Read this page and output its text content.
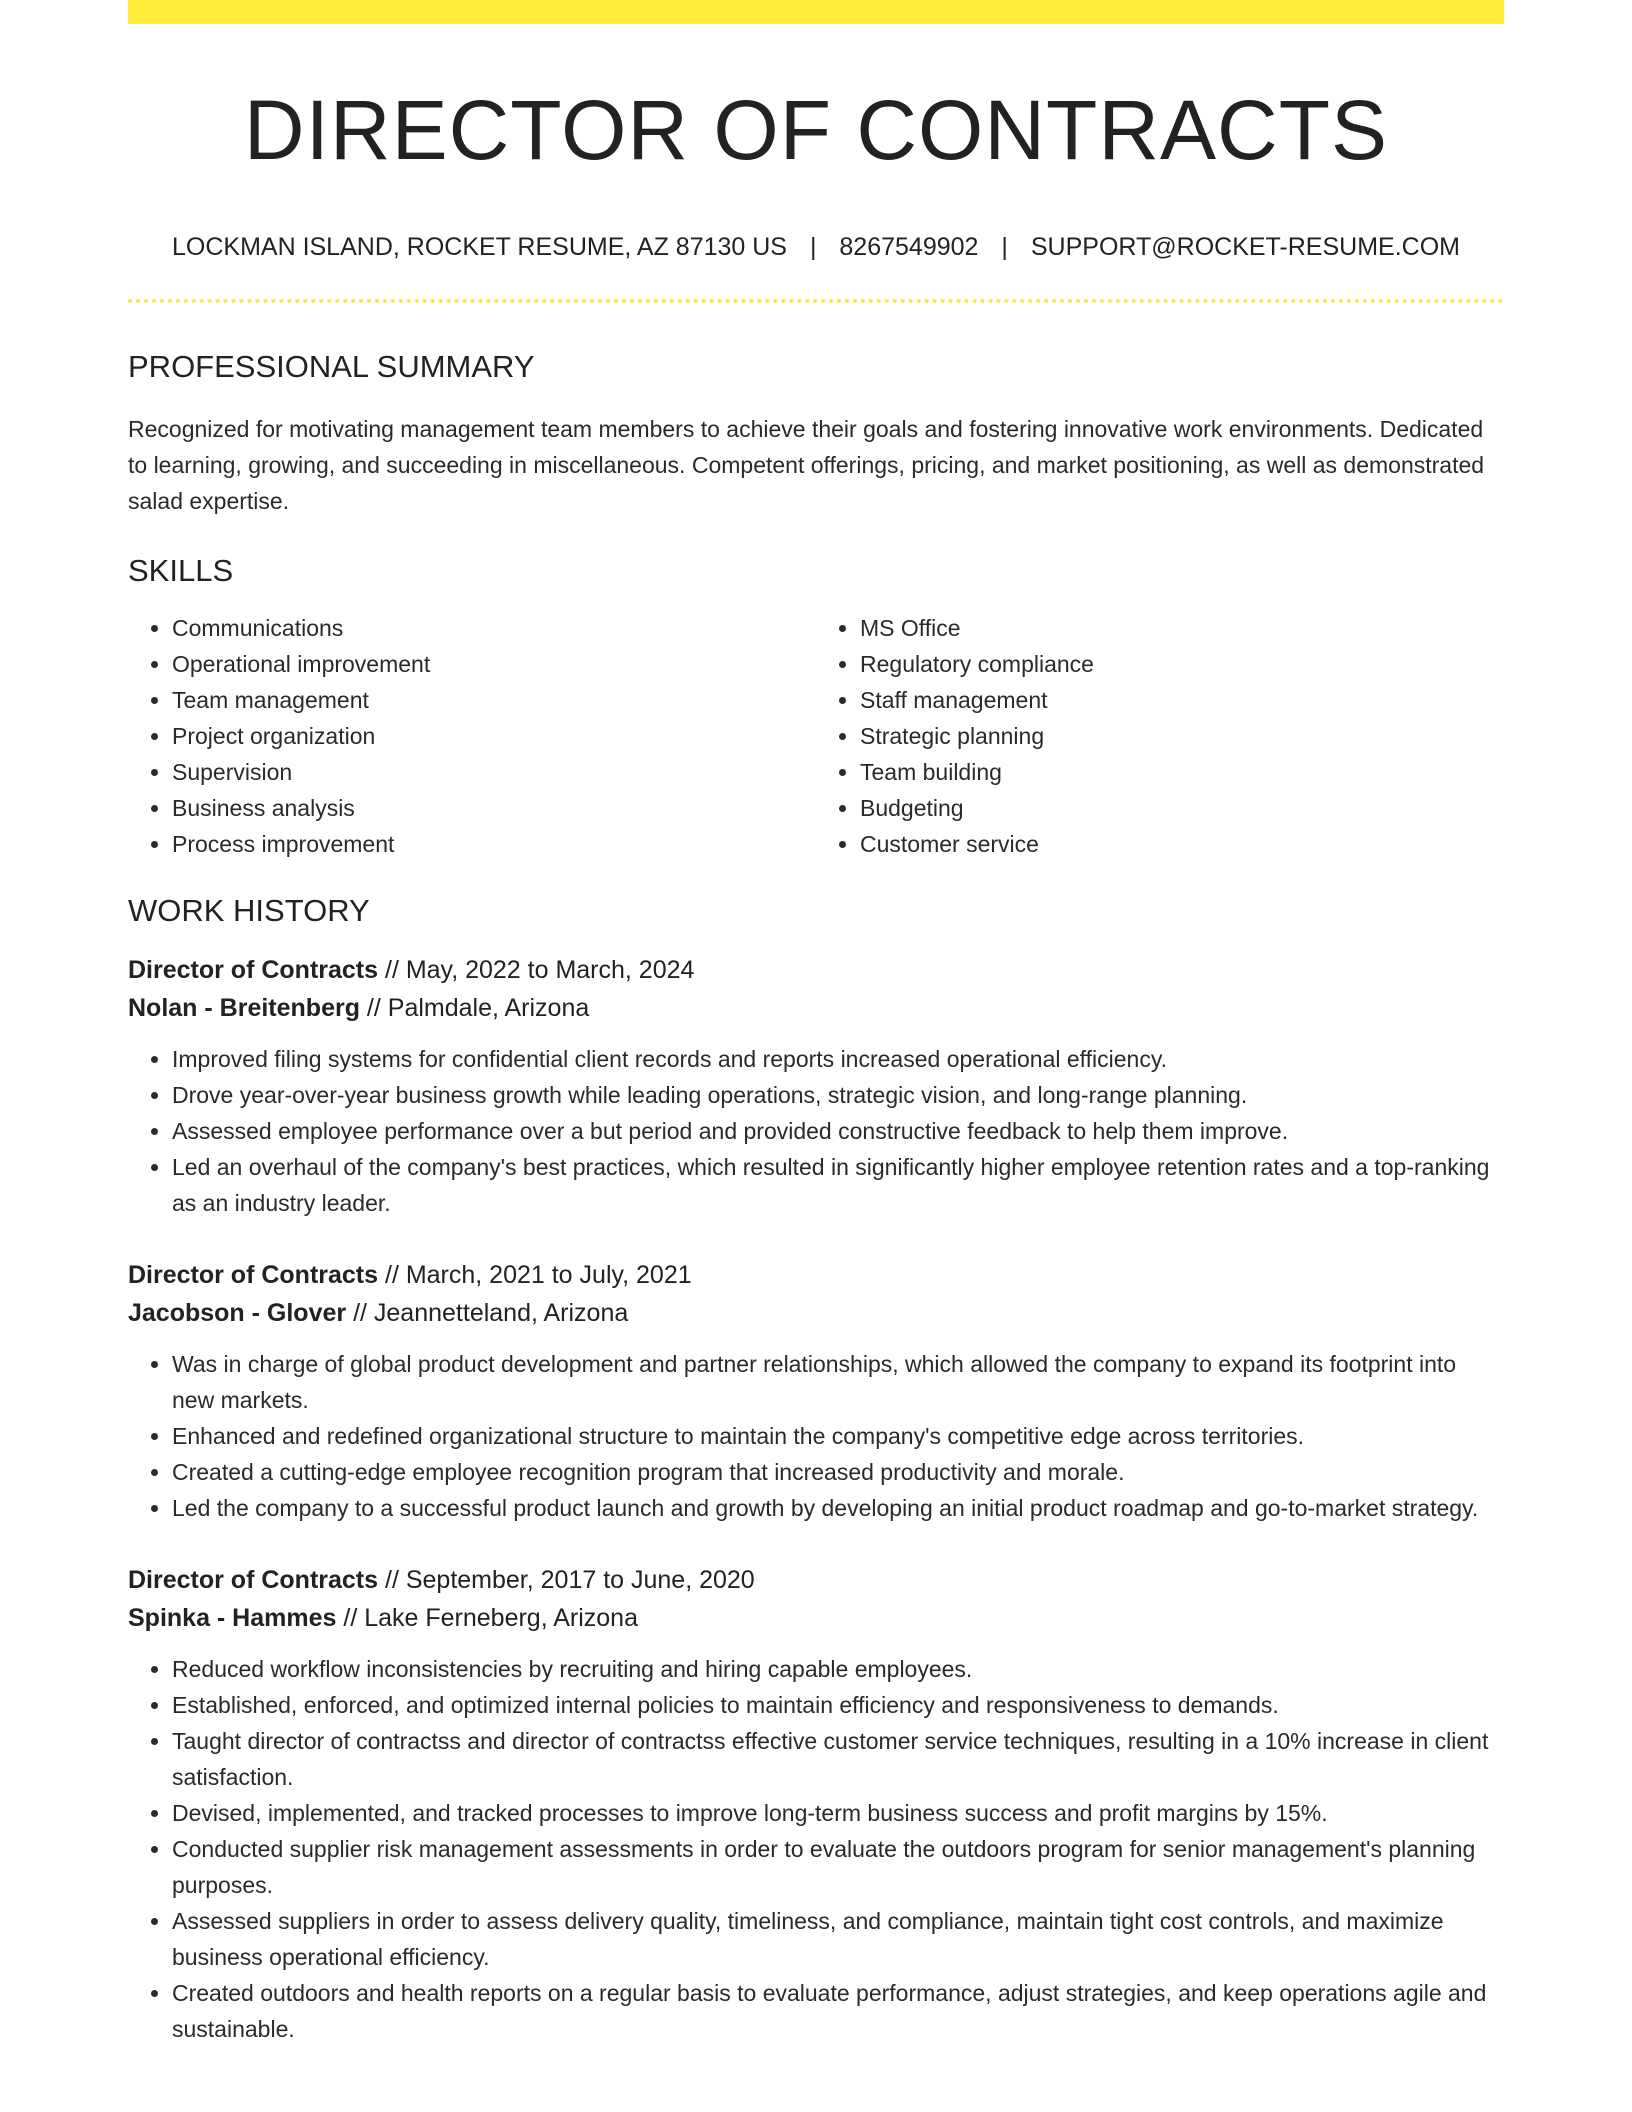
DIRECTOR OF CONTRACTS
LOCKMAN ISLAND, ROCKET RESUME, AZ 87130 US | 8267549902 | SUPPORT@ROCKET-RESUME.COM
PROFESSIONAL SUMMARY

Recognized for motivating management team members to achieve their goals and fostering innovative work environments. Dedicated to learning, growing, and succeeding in miscellaneous. Competent offerings, pricing, and market positioning, as well as demonstrated salad expertise.

SKILLS
• Communications
• Operational improvement
• Team management
• Project organization
• Supervision
• Business analysis
• Process improvement
• MS Office
• Regulatory compliance
• Staff management
• Strategic planning
• Team building
• Budgeting
• Customer service
WORK HISTORY
Director of Contracts // May, 2022 to March, 2024
Nolan - Breitenberg // Palmdale, Arizona
• Improved filing systems for confidential client records and reports increased operational efficiency.
• Drove year-over-year business growth while leading operations, strategic vision, and long-range planning.
• Assessed employee performance over a but period and provided constructive feedback to help them improve.
• Led an overhaul of the company's best practices, which resulted in significantly higher employee retention rates and a top-ranking as an industry leader.
Director of Contracts // March, 2021 to July, 2021
Jacobson - Glover // Jeannetteland, Arizona
• Was in charge of global product development and partner relationships, which allowed the company to expand its footprint into new markets.
• Enhanced and redefined organizational structure to maintain the company's competitive edge across territories.
• Created a cutting-edge employee recognition program that increased productivity and morale.
• Led the company to a successful product launch and growth by developing an initial product roadmap and go-to-market strategy.
Director of Contracts // September, 2017 to June, 2020
Spinka - Hammes // Lake Ferneberg, Arizona
• Reduced workflow inconsistencies by recruiting and hiring capable employees.
• Established, enforced, and optimized internal policies to maintain efficiency and responsiveness to demands.
• Taught director of contractss and director of contractss effective customer service techniques, resulting in a 10% increase in client satisfaction.
• Devised, implemented, and tracked processes to improve long-term business success and profit margins by 15%.
• Conducted supplier risk management assessments in order to evaluate the outdoors program for senior management's planning purposes.
• Assessed suppliers in order to assess delivery quality, timeliness, and compliance, maintain tight cost controls, and maximize business operational efficiency.
• Created outdoors and health reports on a regular basis to evaluate performance, adjust strategies, and keep operations agile and sustainable.
